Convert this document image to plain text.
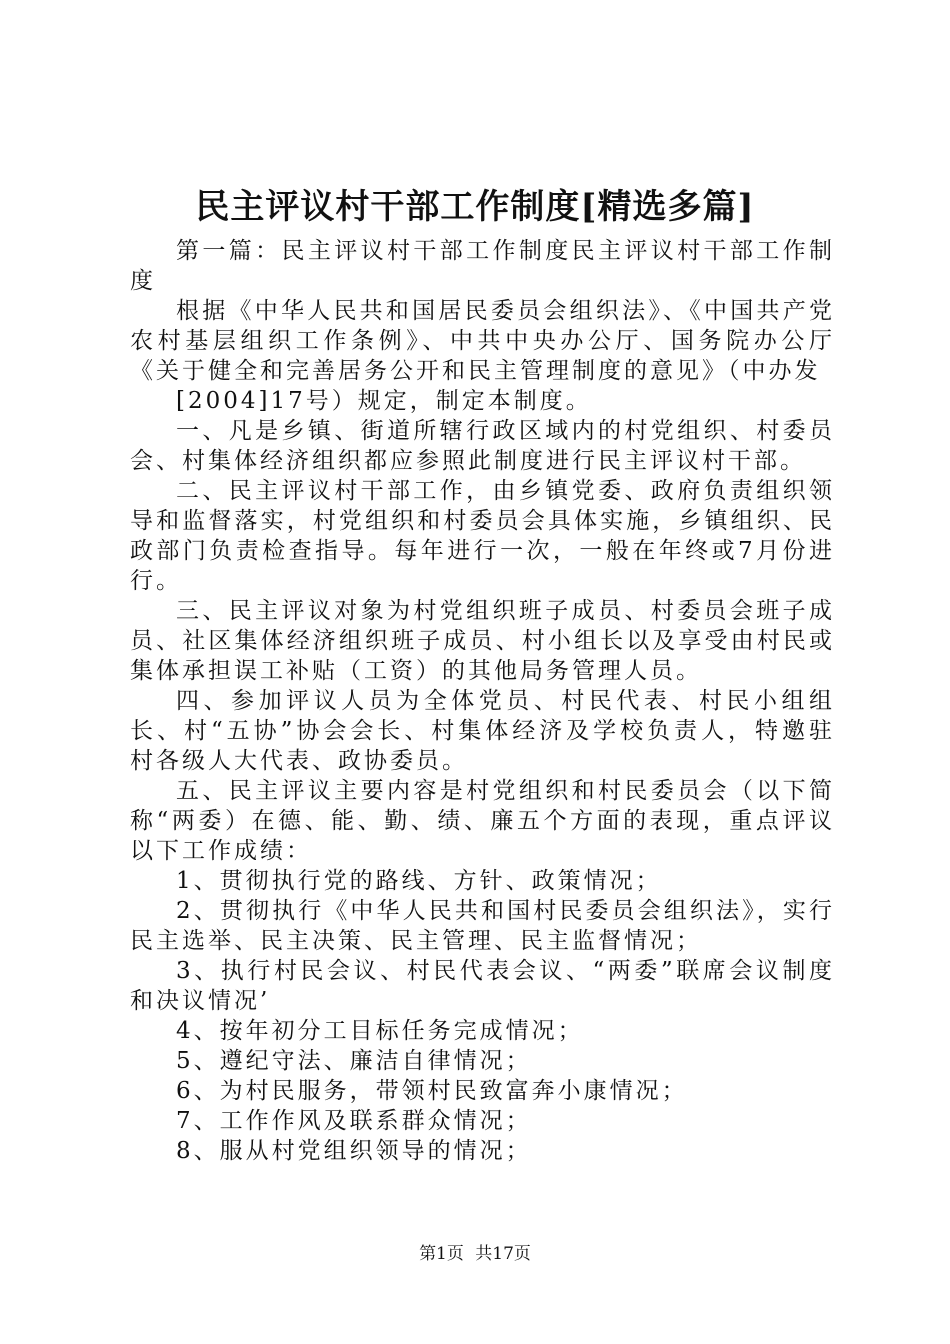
民主评议村干部工作制度[精选多篇]

第一篇：民主评议村干部工作制度民主评议村干部工作制度

根据《中华人民共和国居民委员会组织法》、《中国共产党农村基层组织工作条例》、中共中央办公厅、国务院办公厅《关于健全和完善居务公开和民主管理制度的意见》（中办发

[2004]17号）规定，制定本制度。

一、凡是乡镇、街道所辖行政区域内的村党组织、村委员会、村集体经济组织都应参照此制度进行民主评议村干部。

二、民主评议村干部工作，由乡镇党委、政府负责组织领导和监督落实，村党组织和村委员会具体实施，乡镇组织、民政部门负责检查指导。每年进行一次，一般在年终或7月份进行。

三、民主评议对象为村党组织班子成员、村委员会班子成员、社区集体经济组织班子成员、村小组长以及享受由村民或集体承担误工补贴（工资）的其他局务管理人员。

四、参加评议人员为全体党员、村民代表、村民小组组长、村“五协”协会会长、村集体经济及学校负责人，特邀驻村各级人大代表、政协委员。

五、民主评议主要内容是村党组织和村民委员会（以下简称“两委）在德、能、勤、绩、廉五个方面的表现，重点评议以下工作成绩：

1、贯彻执行党的路线、方针、政策情况；

2、贯彻执行《中华人民共和国村民委员会组织法》，实行民主选举、民主决策、民主管理、民主监督情况；

3、执行村民会议、村民代表会议、“两委”联席会议制度和决议情况’

4、按年初分工目标任务完成情况；

5、遵纪守法、廉洁自律情况；

6、为村民服务，带领村民致富奔小康情况；

7、工作作风及联系群众情况；

8、服从村党组织领导的情况；

第1页 共17页
